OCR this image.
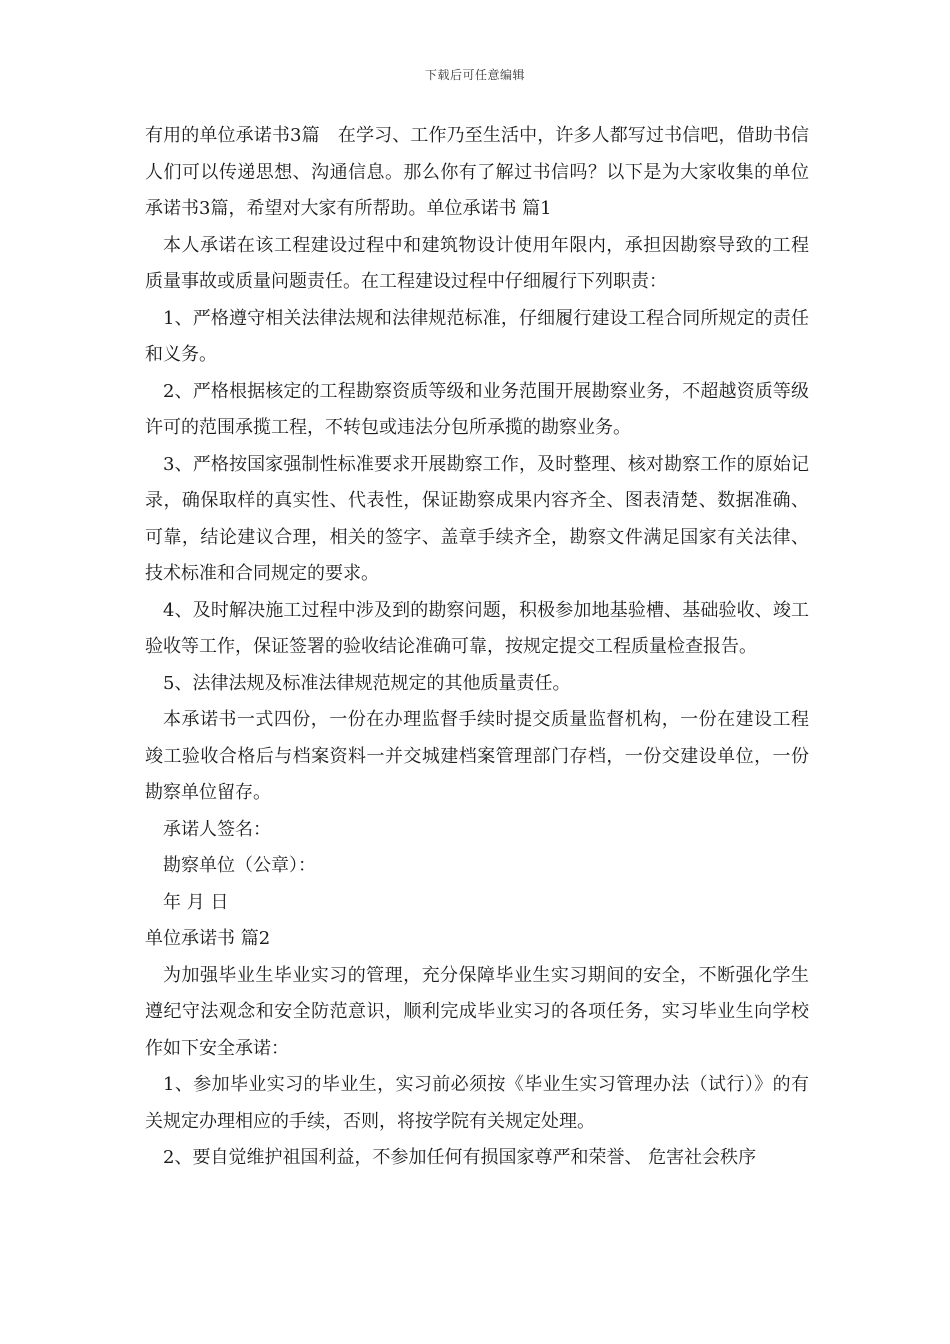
下载后可任意编辑

有用的单位承诺书3篇　在学习、工作乃至生活中，许多人都写过书信吧，借助书信人们可以传递思想、沟通信息。那么你有了解过书信吗？以下是为大家收集的单位承诺书3篇，希望对大家有所帮助。单位承诺书 篇1

本人承诺在该工程建设过程中和建筑物设计使用年限内，承担因勘察导致的工程质量事故或质量问题责任。在工程建设过程中仔细履行下列职责：

1、严格遵守相关法律法规和法律规范标准，仔细履行建设工程合同所规定的责任和义务。

2、严格根据核定的工程勘察资质等级和业务范围开展勘察业务，不超越资质等级许可的范围承揽工程，不转包或违法分包所承揽的勘察业务。

3、严格按国家强制性标准要求开展勘察工作，及时整理、核对勘察工作的原始记录，确保取样的真实性、代表性，保证勘察成果内容齐全、图表清楚、数据准确、可靠，结论建议合理，相关的签字、盖章手续齐全，勘察文件满足国家有关法律、技术标准和合同规定的要求。

4、及时解决施工过程中涉及到的勘察问题，积极参加地基验槽、基础验收、竣工验收等工作，保证签署的验收结论准确可靠，按规定提交工程质量检查报告。

5、法律法规及标准法律规范规定的其他质量责任。

本承诺书一式四份，一份在办理监督手续时提交质量监督机构，一份在建设工程竣工验收合格后与档案资料一并交城建档案管理部门存档，一份交建设单位，一份勘察单位留存。

承诺人签名：

勘察单位（公章）：

年 月 日

单位承诺书 篇2

为加强毕业生毕业实习的管理，充分保障毕业生实习期间的安全，不断强化学生遵纪守法观念和安全防范意识，顺利完成毕业实习的各项任务，实习毕业生向学校作如下安全承诺：

1、参加毕业实习的毕业生，实习前必须按《毕业生实习管理办法（试行）》的有关规定办理相应的手续，否则，将按学院有关规定处理。

2、要自觉维护祖国利益，不参加任何有损国家尊严和荣誉、 危害社会秩序
